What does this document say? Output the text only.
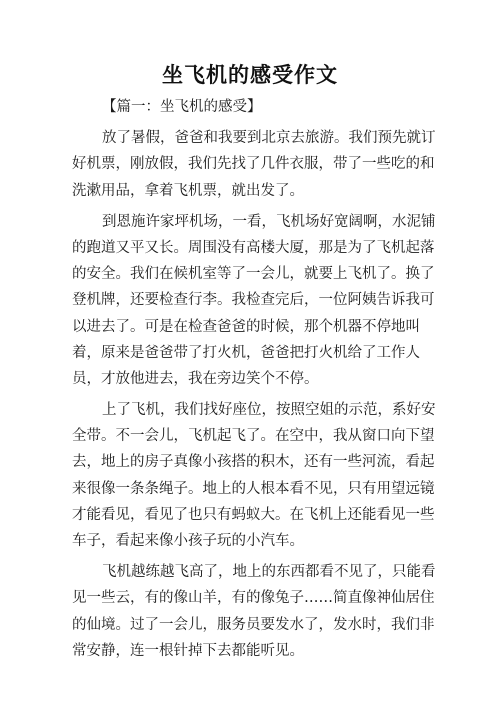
坐飞机的感受作文
【篇一：坐飞机的感受】
放了暑假，爸爸和我要到北京去旅游。我们预先就订
好机票，刚放假，我们先找了几件衣服，带了一些吃的和
洗漱用品，拿着飞机票，就出发了。
到恩施许家坪机场，一看，飞机场好宽阔啊，水泥铺
的跑道又平又长。周围没有高楼大厦，那是为了飞机起落
的安全。我们在候机室等了一会儿，就要上飞机了。换了
登机牌，还要检查行李。我检查完后，一位阿姨告诉我可
以进去了。可是在检查爸爸的时候，那个机器不停地叫
着，原来是爸爸带了打火机，爸爸把打火机给了工作人
员，才放他进去，我在旁边笑个不停。
上了飞机，我们找好座位，按照空姐的示范，系好安
全带。不一会儿，飞机起飞了。在空中，我从窗口向下望
去，地上的房子真像小孩搭的积木，还有一些河流，看起
来很像一条条绳子。地上的人根本看不见，只有用望远镜
才能看见，看见了也只有蚂蚁大。在飞机上还能看见一些
车子，看起来像小孩子玩的小汽车。
飞机越练越飞高了，地上的东西都看不见了，只能看
见一些云，有的像山羊，有的像兔子……简直像神仙居住
的仙境。过了一会儿，服务员要发水了，发水时，我们非
常安静，连一根针掉下去都能听见。
